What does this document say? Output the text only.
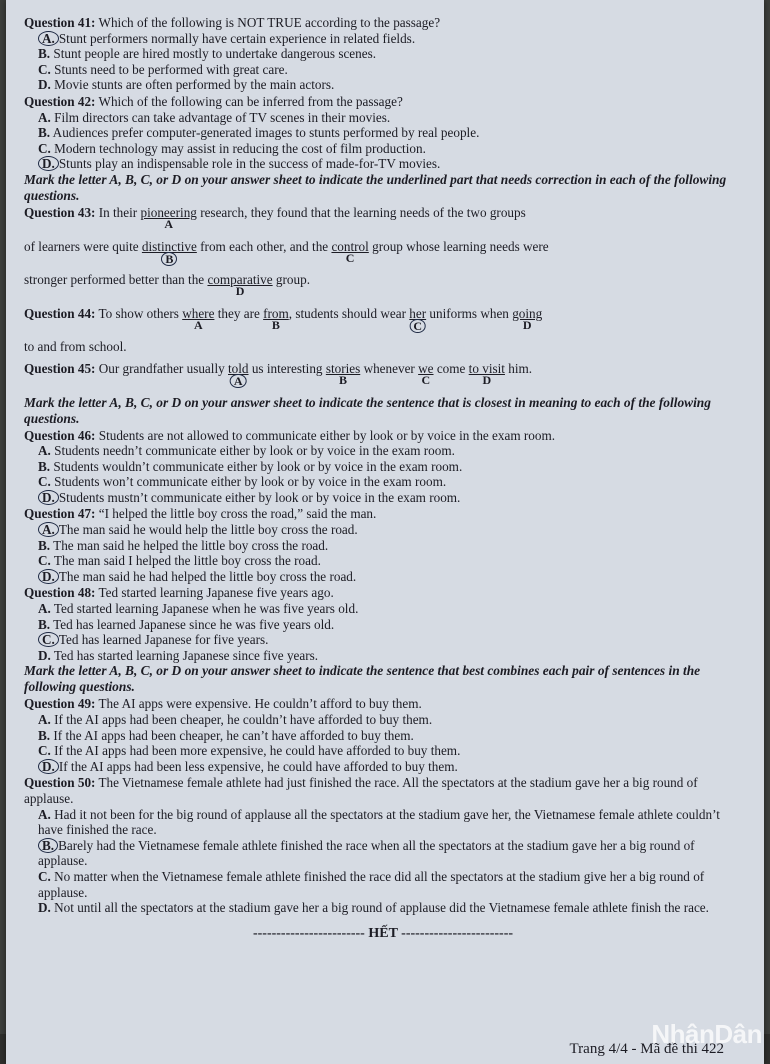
Question 41: Which of the following is NOT TRUE according to the passage?
A. Stunt performers normally have certain experience in related fields.
B. Stunt people are hired mostly to undertake dangerous scenes.
C. Stunts need to be performed with great care.
D. Movie stunts are often performed by the main actors.
Question 42: Which of the following can be inferred from the passage?
A. Film directors can take advantage of TV scenes in their movies.
B. Audiences prefer computer-generated images to stunts performed by real people.
C. Modern technology may assist in reducing the cost of film production.
D. Stunts play an indispensable role in the success of made-for-TV movies.
Mark the letter A, B, C, or D on your answer sheet to indicate the underlined part that needs correction in each of the following questions.
Question 43: In their pioneering
A
research, they found that the learning needs of the two groups
of learners were quite distinctive
B
from each other, and the control
C
group whose learning needs were
stronger performed better than the comparative
D
group.
Question 44: To show others where
A
they are from
B
, students should wear her
C
uniforms when going
D
to and from school.
Question 45: Our grandfather usually told
A
us interesting stories
B
whenever we
C
come to visit
D
him.
Mark the letter A, B, C, or D on your answer sheet to indicate the sentence that is closest in meaning to each of the following questions.
Question 46: Students are not allowed to communicate either by look or by voice in the exam room.
A. Students needn’t communicate either by look or by voice in the exam room.
B. Students wouldn’t communicate either by look or by voice in the exam room.
C. Students won’t communicate either by look or by voice in the exam room.
D. Students mustn’t communicate either by look or by voice in the exam room.
Question 47: “I helped the little boy cross the road,” said the man.
A. The man said he would help the little boy cross the road.
B. The man said he helped the little boy cross the road.
C. The man said I helped the little boy cross the road.
D. The man said he had helped the little boy cross the road.
Question 48: Ted started learning Japanese five years ago.
A. Ted started learning Japanese when he was five years old.
B. Ted has learned Japanese since he was five years old.
C. Ted has learned Japanese for five years.
D. Ted has started learning Japanese since five years.
Mark the letter A, B, C, or D on your answer sheet to indicate the sentence that best combines each pair of sentences in the following questions.
Question 49: The AI apps were expensive. He couldn’t afford to buy them.
A. If the AI apps had been cheaper, he couldn’t have afforded to buy them.
B. If the AI apps had been cheaper, he can’t have afforded to buy them.
C. If the AI apps had been more expensive, he could have afforded to buy them.
D. If the AI apps had been less expensive, he could have afforded to buy them.
Question 50: The Vietnamese female athlete had just finished the race. All the spectators at the stadium gave her a big round of applause.
A. Had it not been for the big round of applause all the spectators at the stadium gave her, the Vietnamese female athlete couldn’t have finished the race.
B. Barely had the Vietnamese female athlete finished the race when all the spectators at the stadium gave her a big round of applause.
C. No matter when the Vietnamese female athlete finished the race did all the spectators at the stadium give her a big round of applause.
D. Not until all the spectators at the stadium gave her a big round of applause did the Vietnamese female athlete finish the race.
------------------------ HẾT ------------------------
Trang 4/4 - Mã đề thi 422
NhânDân
